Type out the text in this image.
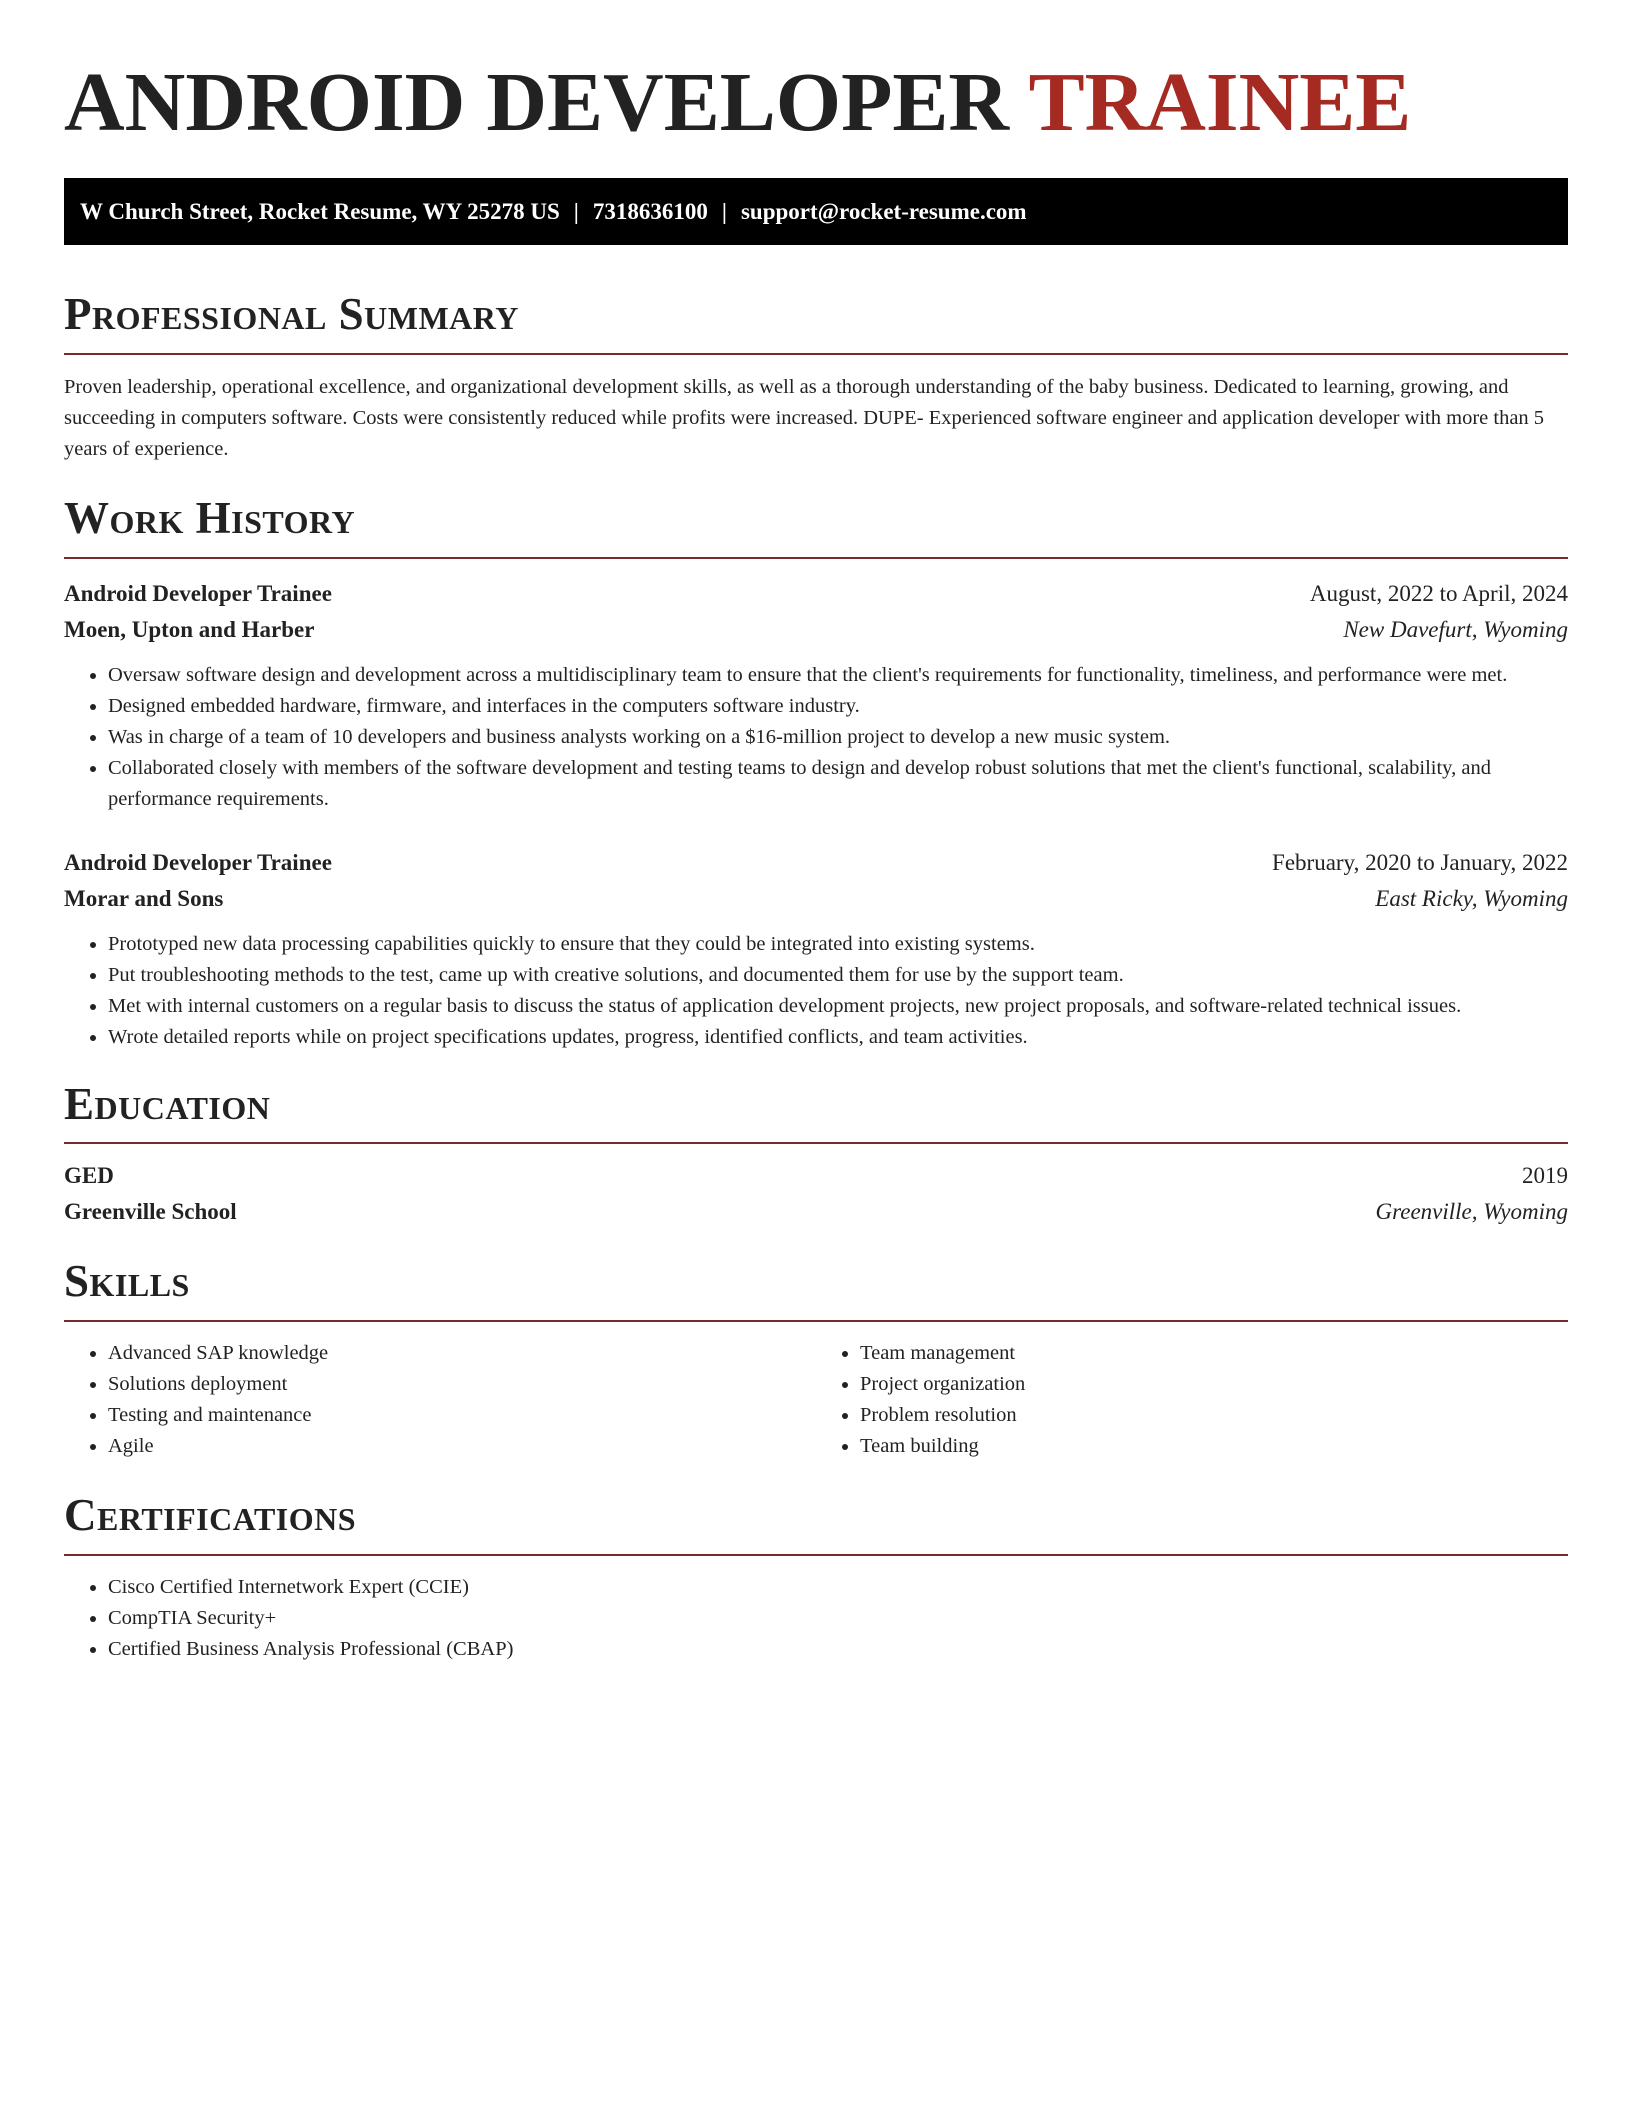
ANDROID DEVELOPER TRAINEE
W Church Street, Rocket Resume, WY 25278 US | 7318636100 | support@rocket-resume.com
Professional Summary

Proven leadership, operational excellence, and organizational development skills, as well as a thorough understanding of the baby business. Dedicated to learning, growing, and succeeding in computers software. Costs were consistently reduced while profits were increased. DUPE- Experienced software engineer and application developer with more than 5 years of experience.

Work History
Android Developer Trainee	August, 2022 to April, 2024
Moen, Upton and Harber	New Davefurt, Wyoming
• Oversaw software design and development across a multidisciplinary team to ensure that the client's requirements for functionality, timeliness, and performance were met.
• Designed embedded hardware, firmware, and interfaces in the computers software industry.
• Was in charge of a team of 10 developers and business analysts working on a $16-million project to develop a new music system.
• Collaborated closely with members of the software development and testing teams to design and develop robust solutions that met the client's functional, scalability, and performance requirements.
Android Developer Trainee	February, 2020 to January, 2022
Morar and Sons	East Ricky, Wyoming
• Prototyped new data processing capabilities quickly to ensure that they could be integrated into existing systems.
• Put troubleshooting methods to the test, came up with creative solutions, and documented them for use by the support team.
• Met with internal customers on a regular basis to discuss the status of application development projects, new project proposals, and software-related technical issues.
• Wrote detailed reports while on project specifications updates, progress, identified conflicts, and team activities.
Education
GED	2019
Greenville School	Greenville, Wyoming
Skills
• Advanced SAP knowledge
• Solutions deployment
• Testing and maintenance
• Agile
• Team management
• Project organization
• Problem resolution
• Team building
Certifications
• Cisco Certified Internetwork Expert (CCIE)
• CompTIA Security+
• Certified Business Analysis Professional (CBAP)
